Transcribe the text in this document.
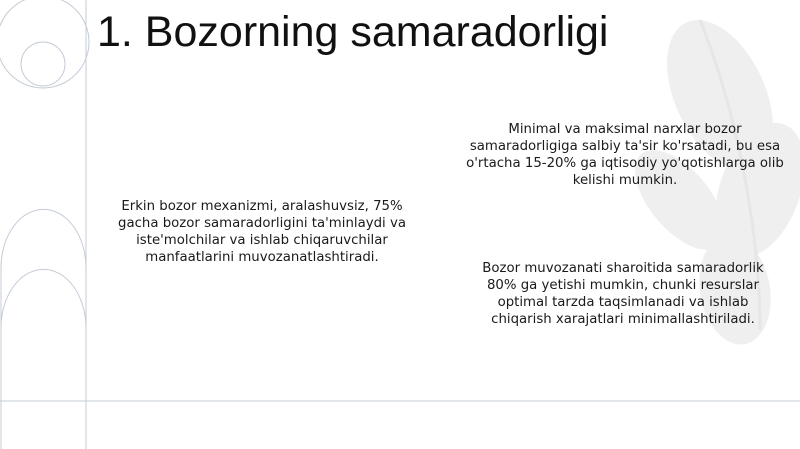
1. Bozorning samaradorligi

Erkin bozor mexanizmi, aralashuvsiz, 75% gacha bozor samaradorligini ta'minlaydi va iste'molchilar va ishlab chiqaruvchilar manfaatlarini muvozanatlashtiradi.

Minimal va maksimal narxlar bozor samaradorligiga salbiy ta'sir ko'rsatadi, bu esa o'rtacha 15-20% ga iqtisodiy yo'qotishlarga olib kelishi mumkin.

Bozor muvozanati sharoitida samaradorlik 80% ga yetishi mumkin, chunki resurslar optimal tarzda taqsimlanadi va ishlab chiqarish xarajatlari minimallashtiriladi.
